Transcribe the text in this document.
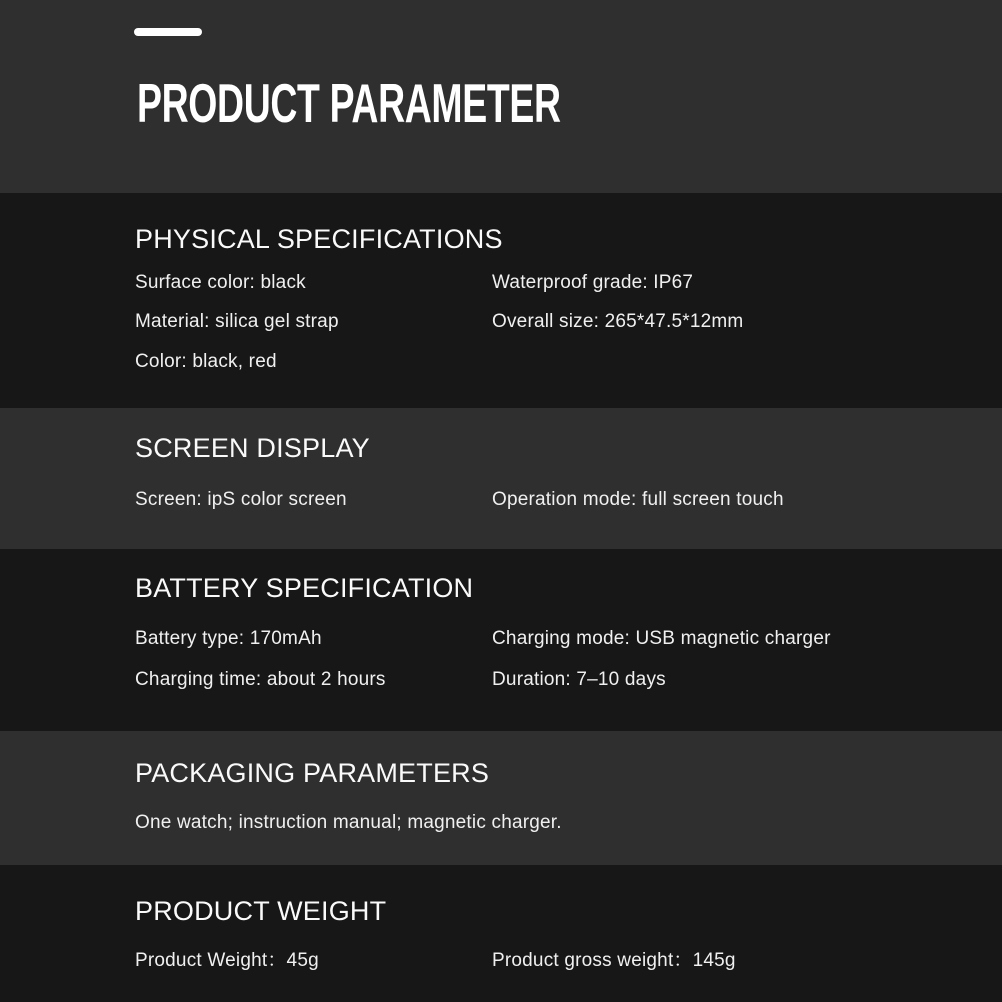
PRODUCT PARAMETER
PHYSICAL SPECIFICATIONS
Surface color: black	Waterproof grade: IP67
Material: silica gel strap	Overall size: 265*47.5*12mm
Color: black, red
SCREEN DISPLAY
Screen: ipS color screen	Operation mode: full screen touch
BATTERY SPECIFICATION
Battery type: 170mAh	Charging mode: USB magnetic charger
Charging time: about 2 hours	Duration: 7–10 days
PACKAGING PARAMETERS
One watch; instruction manual; magnetic charger.
PRODUCT WEIGHT
Product Weight：45g	Product gross weight：145g
